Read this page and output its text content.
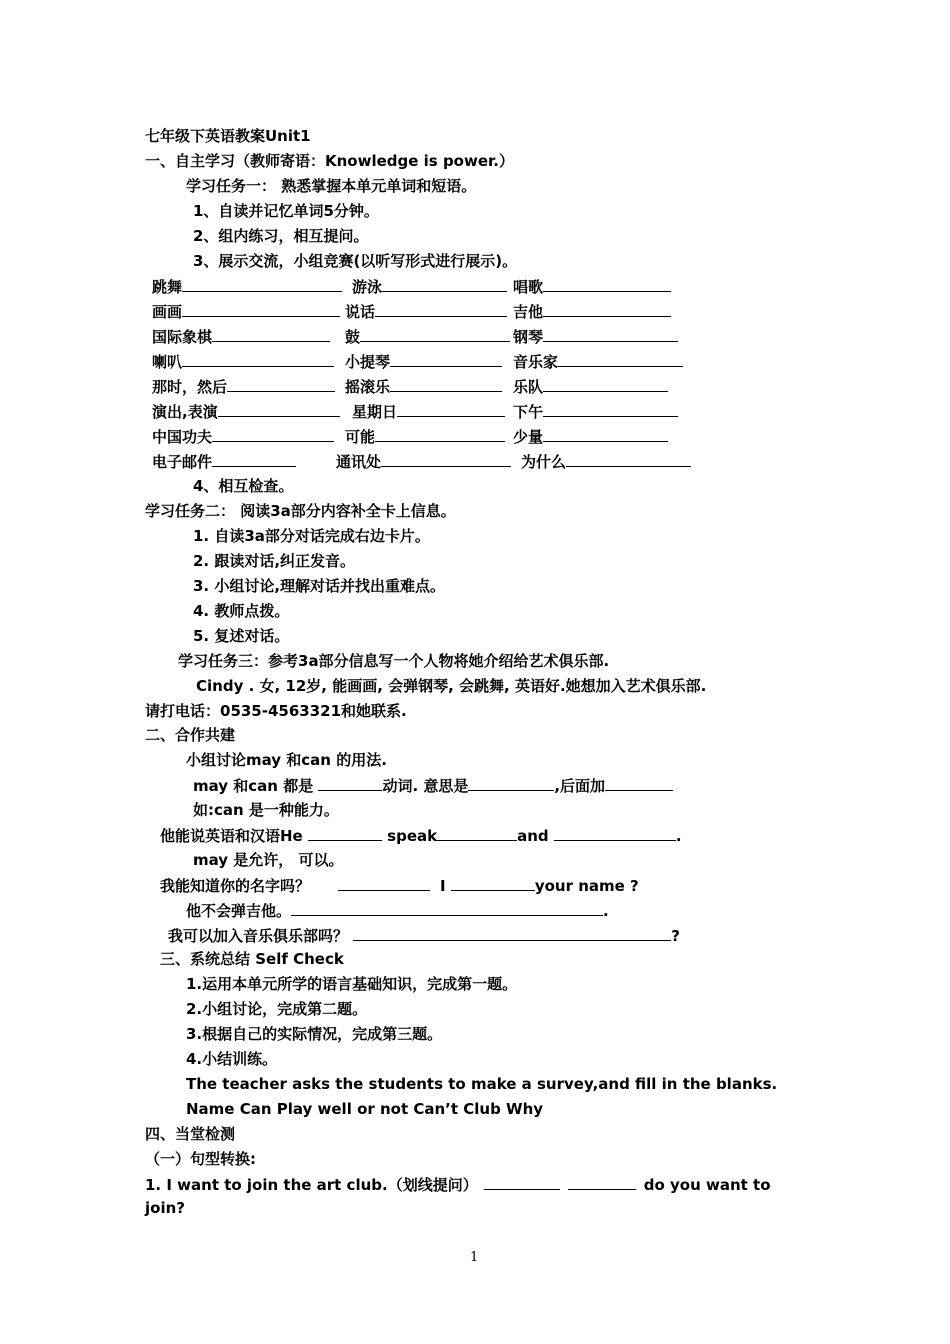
七年级下英语教案Unit1
一、自主学习（教师寄语：Knowledge is power.）
学习任务一： 熟悉掌握本单元单词和短语。
1、自读并记忆单词5分钟。
2、组内练习，相互提问。
3、展示交流，小组竞赛(以听写形式进行展示)。
跳舞	游泳	唱歌
画画	说话	吉他
国际象棋	鼓	钢琴
喇叭	小提琴	音乐家
那时，然后	摇滚乐	乐队
演出,表演	星期日	下午
中国功夫	可能	少量
电子邮件	通讯处	为什么
4、相互检查。
学习任务二： 阅读3a部分内容补全卡上信息。
1. 自读3a部分对话完成右边卡片。
2. 跟读对话,纠正发音。
3. 小组讨论,理解对话并找出重难点。
4. 教师点拨。
5. 复述对话。
学习任务三：参考3a部分信息写一个人物将她介绍给艺术俱乐部.
Cindy . 女, 12岁, 能画画, 会弹钢琴, 会跳舞, 英语好.她想加入艺术俱乐部.
请打电话：0535-4563321和她联系.
二、合作共建
小组讨论may 和can 的用法.
may 和can 都是	动词. 意思是	,后面加
如:can 是一种能力。
他能说英语和汉语He	speak	and	.
may 是允许， 可以。
我能知道你的名字吗？	I	your name ?
他不会弹吉他。	.
我可以加入音乐俱乐部吗？	?
三、系统总结 Self Check
1.运用本单元所学的语言基础知识，完成第一题。
2.小组讨论，完成第二题。
3.根据自己的实际情况，完成第三题。
4.小结训练。
The teacher asks the students to make a survey,and fill in the blanks.
Name Can Play well or not Can’t Club Why
四、当堂检测
（一）句型转换:
1. I want to join the art club.（划线提问）	do you want to
join?
1
